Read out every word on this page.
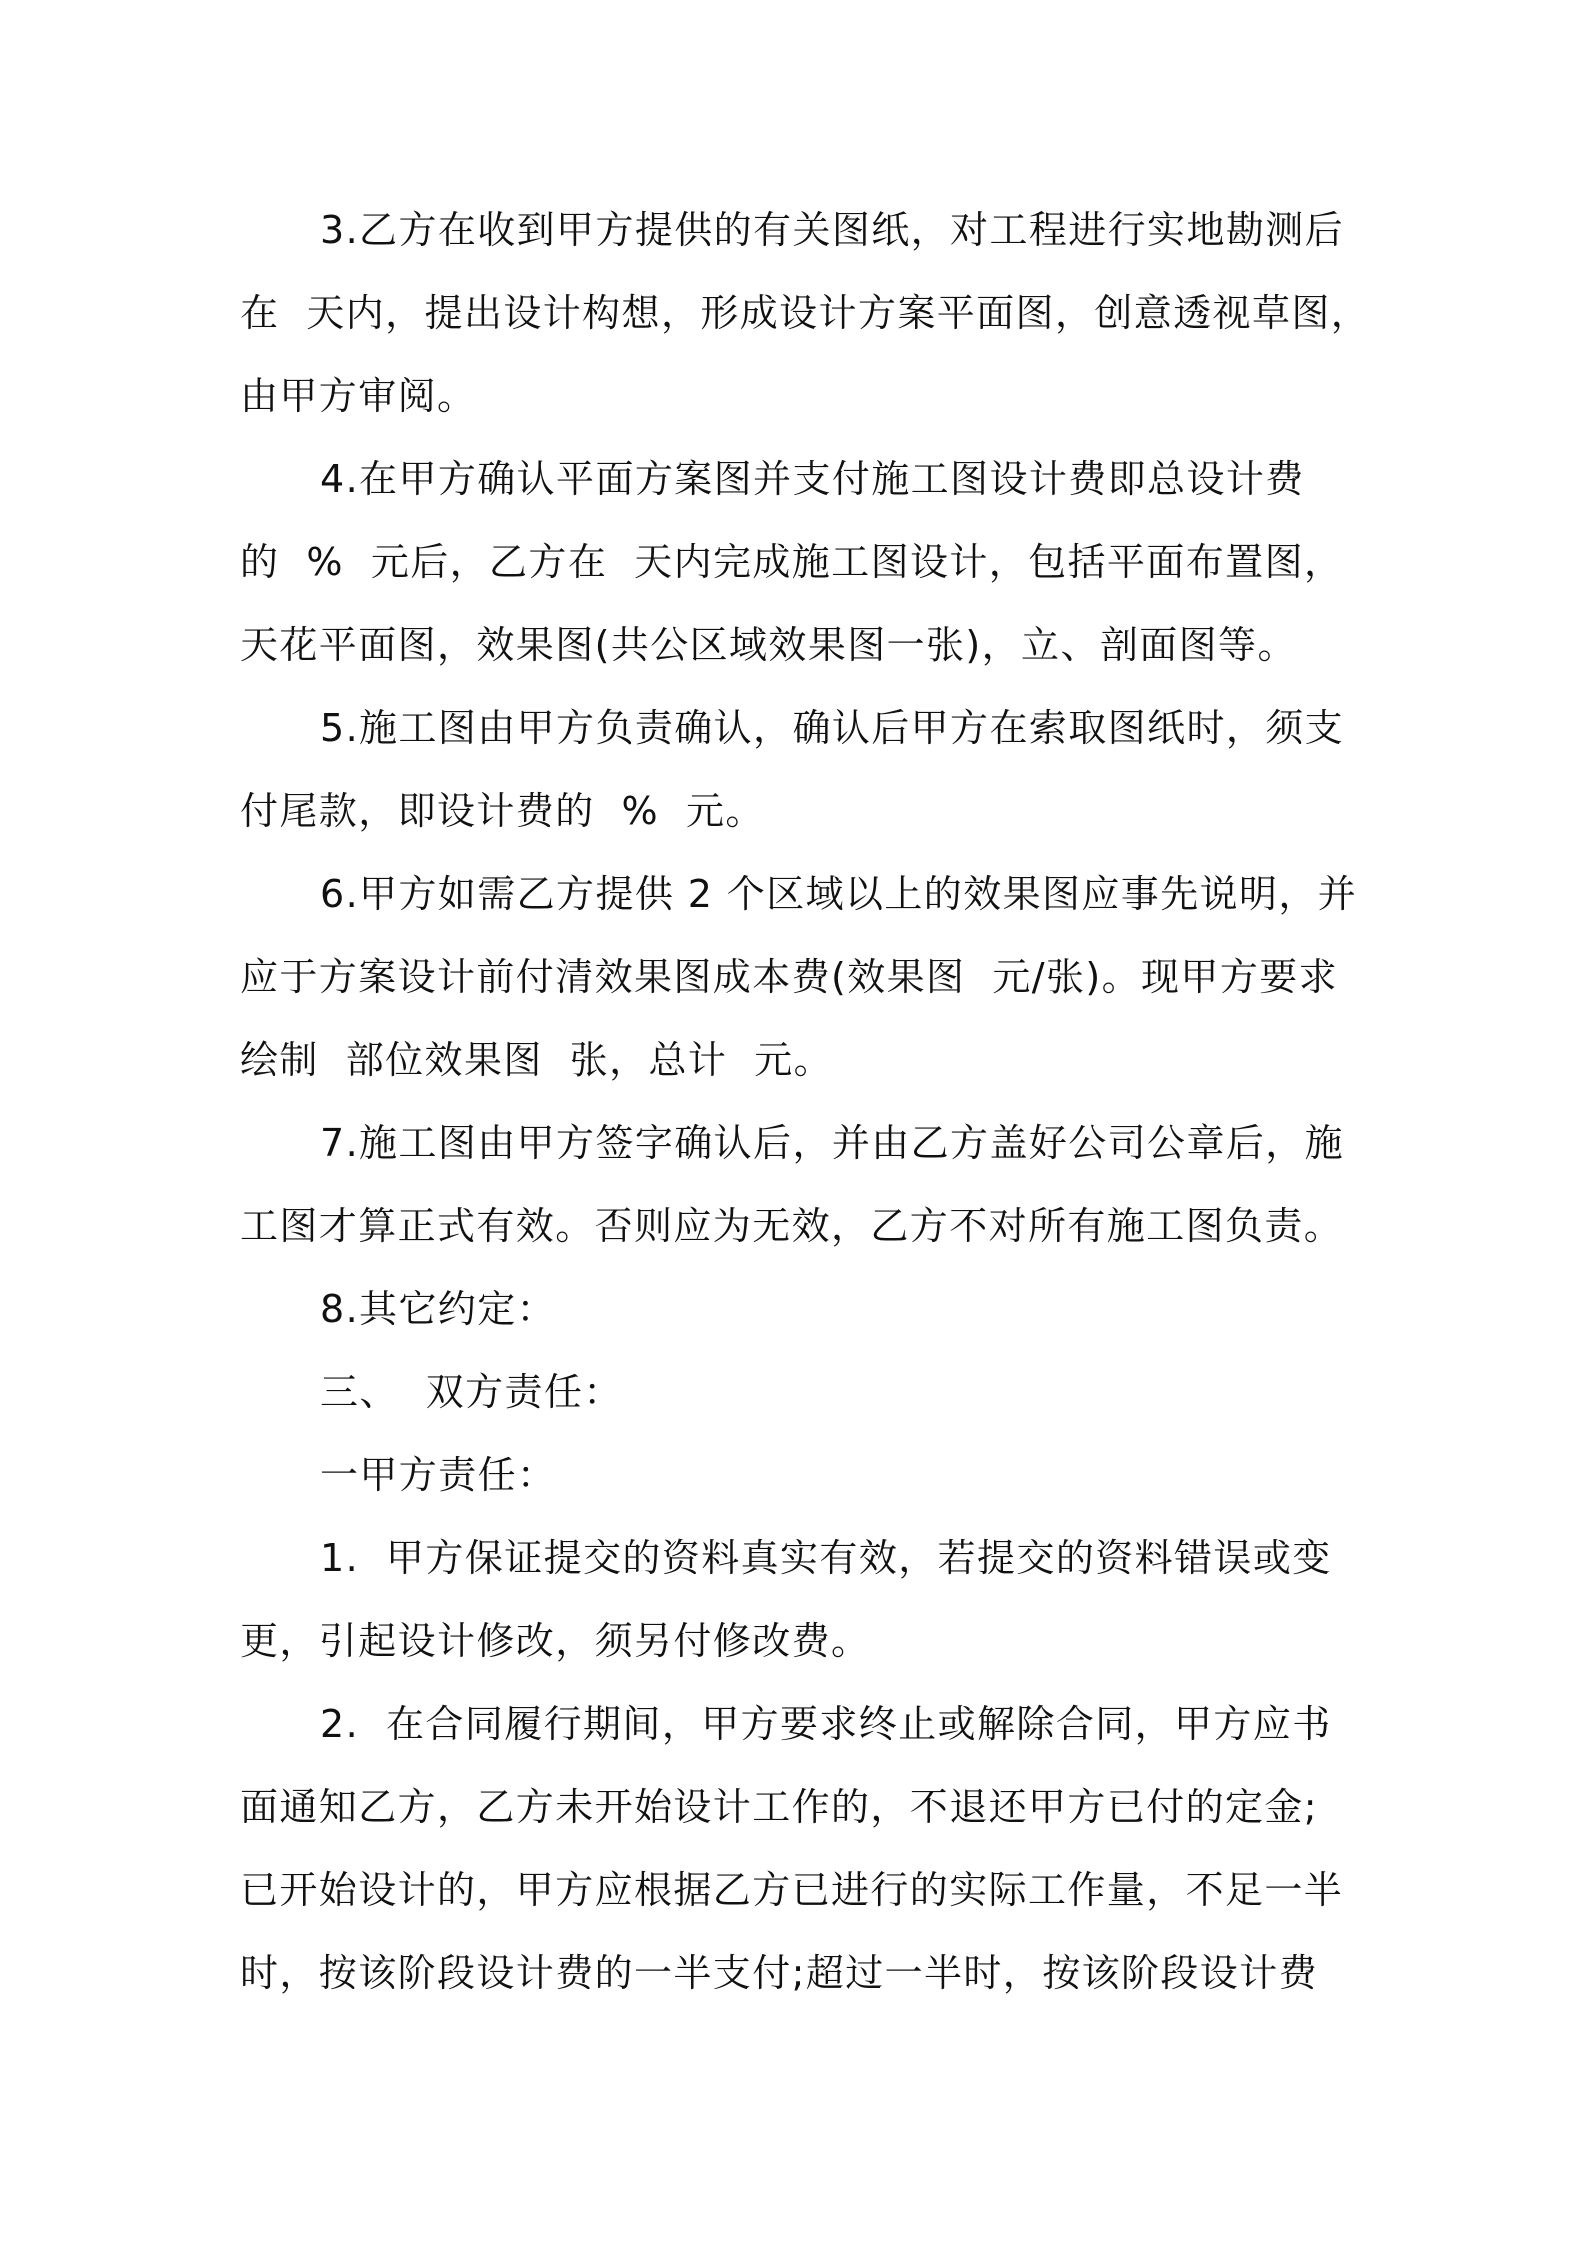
3.乙方在收到甲方提供的有关图纸，对工程进行实地勘测后
在  天内，提出设计构想，形成设计方案平面图，创意透视草图，
由甲方审阅。
4.在甲方确认平面方案图并支付施工图设计费即总设计费
的  %  元后，乙方在  天内完成施工图设计，包括平面布置图，
天花平面图，效果图(共公区域效果图一张)，立、剖面图等。
5.施工图由甲方负责确认，确认后甲方在索取图纸时，须支
付尾款，即设计费的  %  元。
6.甲方如需乙方提供 2 个区域以上的效果图应事先说明，并
应于方案设计前付清效果图成本费(效果图  元/张)。现甲方要求
绘制  部位效果图  张，总计  元。
7.施工图由甲方签字确认后，并由乙方盖好公司公章后，施
工图才算正式有效。否则应为无效，乙方不对所有施工图负责。
8.其它约定：
三、  双方责任：
一甲方责任：
1.  甲方保证提交的资料真实有效，若提交的资料错误或变
更，引起设计修改，须另付修改费。
2.  在合同履行期间，甲方要求终止或解除合同，甲方应书
面通知乙方，乙方未开始设计工作的，不退还甲方已付的定金;
已开始设计的，甲方应根据乙方已进行的实际工作量，不足一半
时，按该阶段设计费的一半支付;超过一半时，按该阶段设计费
